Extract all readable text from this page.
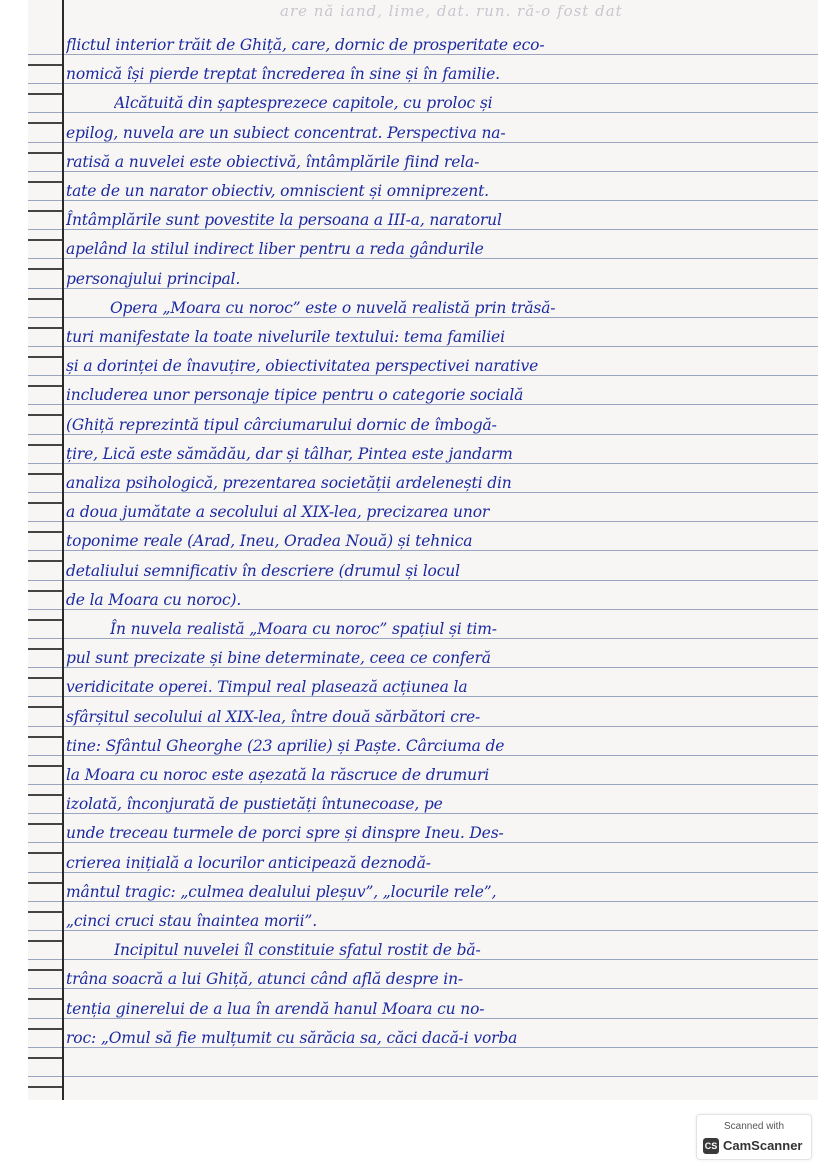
are nă iand, lime, dat. run. ră-o fost dat
flictul interior trăit de Ghiță, care, dornic de prosperitate eco-
nomică își pierde treptat încrederea în sine și în familie.
Alcătuită din șaptesprezece capitole, cu proloc și
epilog, nuvela are un subiect concentrat. Perspectiva na-
ratisă a nuvelei este obiectivă, întâmplările fiind rela-
tate de un narator obiectiv, omniscient și omniprezent.
Întâmplările sunt povestite la persoana a III-a, naratorul
apelând la stilul indirect liber pentru a reda gândurile
personajului principal.
Opera „Moara cu noroc” este o nuvelă realistă prin trăsă-
turi manifestate la toate nivelurile textului: tema familiei
și a dorinței de înavuțire, obiectivitatea perspectivei narative
includerea unor personaje tipice pentru o categorie socială
(Ghiță reprezintă tipul cârciumarului dornic de îmbogă-
țire, Lică este sămădău, dar și tâlhar, Pintea este jandarm
analiza psihologică, prezentarea societății ardelenești din
a doua jumătate a secolului al XIX-lea, precizarea unor
toponime reale (Arad, Ineu, Oradea Nouă) și tehnica
detaliului semnificativ în descriere (drumul și locul
de la Moara cu noroc).
În nuvela realistă „Moara cu noroc” spațiul și tim-
pul sunt precizate și bine determinate, ceea ce conferă
veridicitate operei. Timpul real plasează acțiunea la
sfârșitul secolului al XIX-lea, între două sărbători cre-
tine: Sfântul Gheorghe (23 aprilie) și Paște. Cârciuma de
la Moara cu noroc este așezată la răscruce de drumuri
izolată, înconjurată de pustietăți întunecoase, pe
unde treceau turmele de porci spre și dinspre Ineu. Des-
crierea inițială a locurilor anticipează deznodă-
mântul tragic: „culmea dealului pleșuv”, „locurile rele”,
„cinci cruci stau înaintea morii”.
Incipitul nuvelei îl constituie sfatul rostit de bă-
trâna soacră a lui Ghiță, atunci când află despre in-
tenția ginerelui de a lua în arendă hanul Moara cu no-
roc: „Omul să fie mulțumit cu sărăcia sa, căci dacă-i vorba
Scanned with
CS CamScanner
